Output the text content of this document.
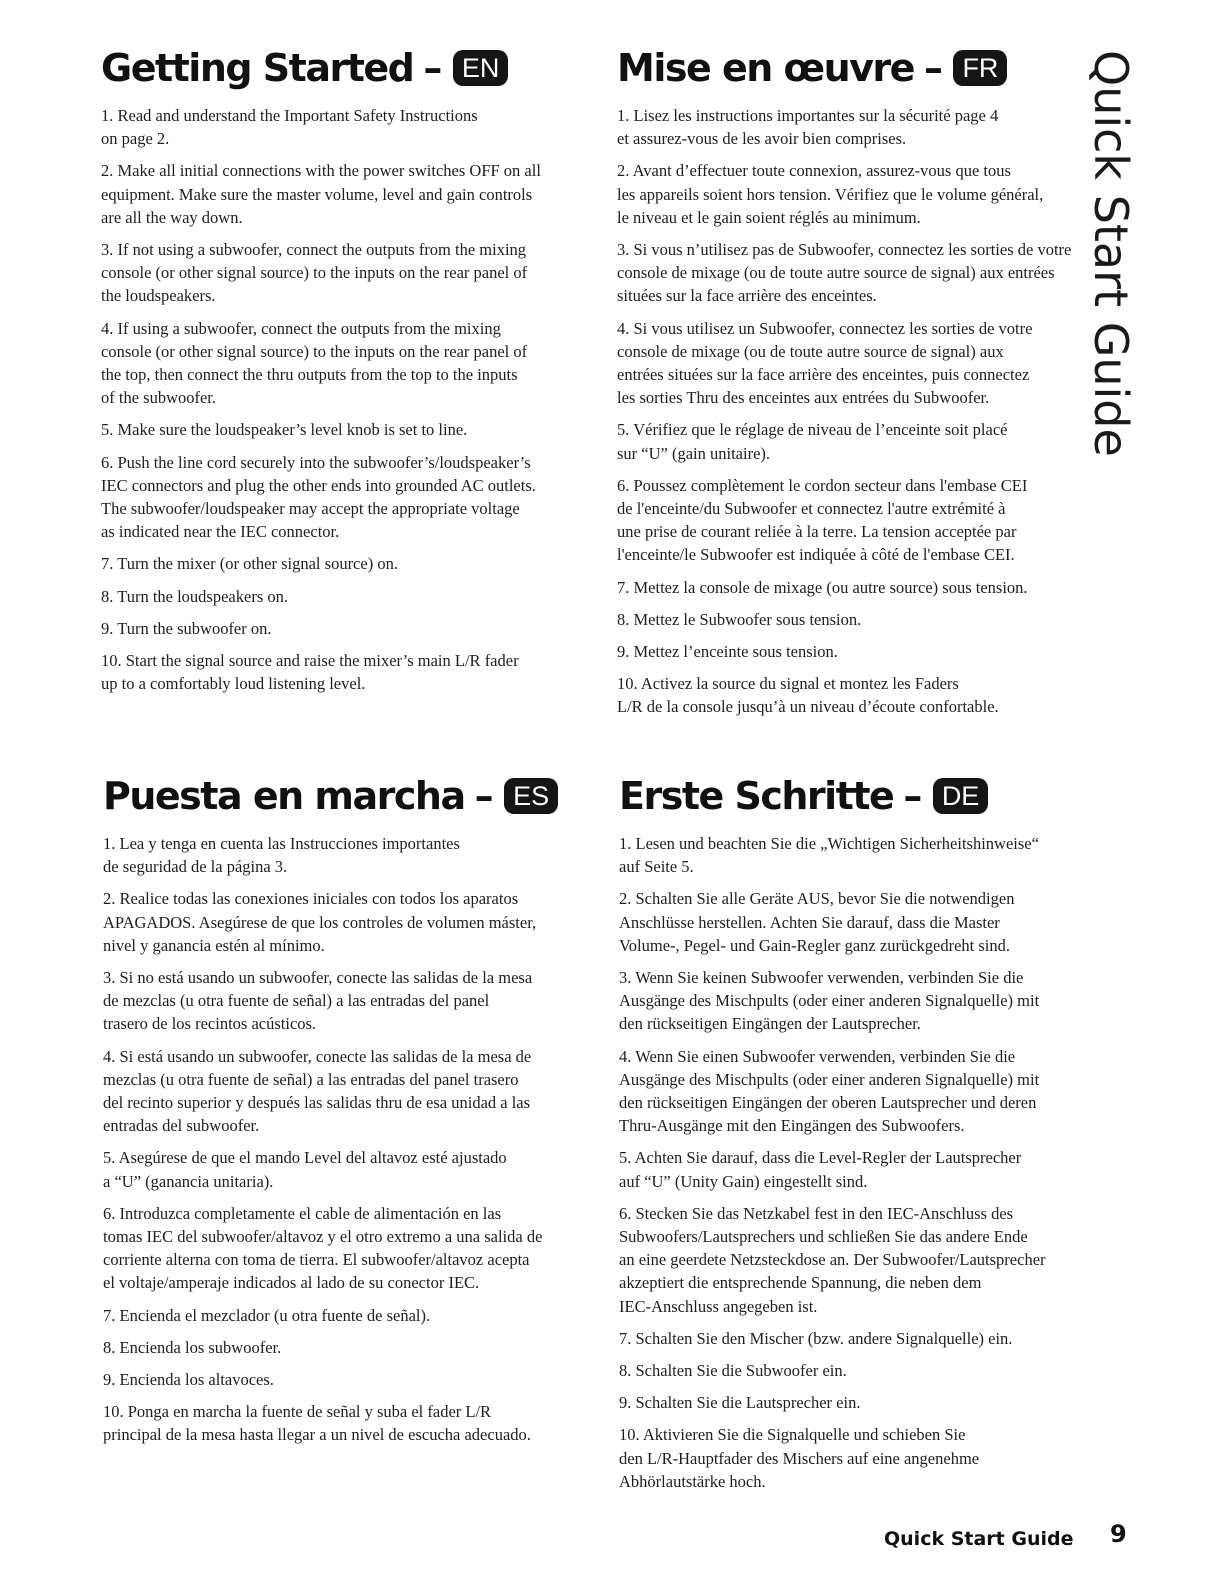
Getting Started – EN
1. Read and understand the Important Safety Instructions
on page 2.
2. Make all initial connections with the power switches OFF on all
equipment. Make sure the master volume, level and gain controls
are all the way down.
3. If not using a subwoofer, connect the outputs from the mixing
console (or other signal source) to the inputs on the rear panel of
the loudspeakers.
4. If using a subwoofer, connect the outputs from the mixing
console (or other signal source) to the inputs on the rear panel of
the top, then connect the thru outputs from the top to the inputs
of the subwoofer.
5. Make sure the loudspeaker’s level knob is set to line.
6. Push the line cord securely into the subwoofer’s/loudspeaker’s
IEC connectors and plug the other ends into grounded AC outlets.
The subwoofer/loudspeaker may accept the appropriate voltage
as indicated near the IEC connector.
7. Turn the mixer (or other signal source) on.
8. Turn the loudspeakers on.
9. Turn the subwoofer on.
10. Start the signal source and raise the mixer’s main L/R fader
up to a comfortably loud listening level.
Mise en œuvre – FR
1. Lisez les instructions importantes sur la sécurité page 4
et assurez-vous de les avoir bien comprises.
2. Avant d’effectuer toute connexion, assurez-vous que tous
les appareils soient hors tension. Vérifiez que le volume général,
le niveau et le gain soient réglés au minimum.
3. Si vous n’utilisez pas de Subwoofer, connectez les sorties de votre
console de mixage (ou de toute autre source de signal) aux entrées
situées sur la face arrière des enceintes.
4. Si vous utilisez un Subwoofer, connectez les sorties de votre
console de mixage (ou de toute autre source de signal) aux
entrées situées sur la face arrière des enceintes, puis connectez
les sorties Thru des enceintes aux entrées du Subwoofer.
5. Vérifiez que le réglage de niveau de l’enceinte soit placé
sur “U” (gain unitaire).
6. Poussez complètement le cordon secteur dans l'embase CEI
de l'enceinte/du Subwoofer et connectez l'autre extrémité à
une prise de courant reliée à la terre. La tension acceptée par
l'enceinte/le Subwoofer est indiquée à côté de l'embase CEI.
7. Mettez la console de mixage (ou autre source) sous tension.
8. Mettez le Subwoofer sous tension.
9. Mettez l’enceinte sous tension.
10. Activez la source du signal et montez les Faders
L/R de la console jusqu’à un niveau d’écoute confortable.
Puesta en marcha – ES
1. Lea y tenga en cuenta las Instrucciones importantes
de seguridad de la página 3.
2. Realice todas las conexiones iniciales con todos los aparatos
APAGADOS. Asegúrese de que los controles de volumen máster,
nivel y ganancia estén al mínimo.
3. Si no está usando un subwoofer, conecte las salidas de la mesa
de mezclas (u otra fuente de señal) a las entradas del panel
trasero de los recintos acústicos.
4. Si está usando un subwoofer, conecte las salidas de la mesa de
mezclas (u otra fuente de señal) a las entradas del panel trasero
del recinto superior y después las salidas thru de esa unidad a las
entradas del subwoofer.
5. Asegúrese de que el mando Level del altavoz esté ajustado
a “U” (ganancia unitaria).
6. Introduzca completamente el cable de alimentación en las
tomas IEC del subwoofer/altavoz y el otro extremo a una salida de
corriente alterna con toma de tierra. El subwoofer/altavoz acepta
el voltaje/amperaje indicados al lado de su conector IEC.
7. Encienda el mezclador (u otra fuente de señal).
8. Encienda los subwoofer.
9. Encienda los altavoces.
10. Ponga en marcha la fuente de señal y suba el fader L/R
principal de la mesa hasta llegar a un nivel de escucha adecuado.
Erste Schritte – DE
1. Lesen und beachten Sie die „Wichtigen Sicherheitshinweise“
auf Seite 5.
2. Schalten Sie alle Geräte AUS, bevor Sie die notwendigen
Anschlüsse herstellen. Achten Sie darauf, dass die Master
Volume-, Pegel- und Gain-Regler ganz zurückgedreht sind.
3. Wenn Sie keinen Subwoofer verwenden, verbinden Sie die
Ausgänge des Mischpults (oder einer anderen Signalquelle) mit
den rückseitigen Eingängen der Lautsprecher.
4. Wenn Sie einen Subwoofer verwenden, verbinden Sie die
Ausgänge des Mischpults (oder einer anderen Signalquelle) mit
den rückseitigen Eingängen der oberen Lautsprecher und deren
Thru-Ausgänge mit den Eingängen des Subwoofers.
5. Achten Sie darauf, dass die Level-Regler der Lautsprecher
auf “U” (Unity Gain) eingestellt sind.
6. Stecken Sie das Netzkabel fest in den IEC-Anschluss des
Subwoofers/Lautsprechers und schließen Sie das andere Ende
an eine geerdete Netzsteckdose an. Der Subwoofer/Lautsprecher
akzeptiert die entsprechende Spannung, die neben dem
IEC-Anschluss angegeben ist.
7. Schalten Sie den Mischer (bzw. andere Signalquelle) ein.
8. Schalten Sie die Subwoofer ein.
9. Schalten Sie die Lautsprecher ein.
10. Aktivieren Sie die Signalquelle und schieben Sie
den L/R-Hauptfader des Mischers auf eine angenehme
Abhörlautstärke hoch.
Quick Start Guide
Quick Start Guide 9
